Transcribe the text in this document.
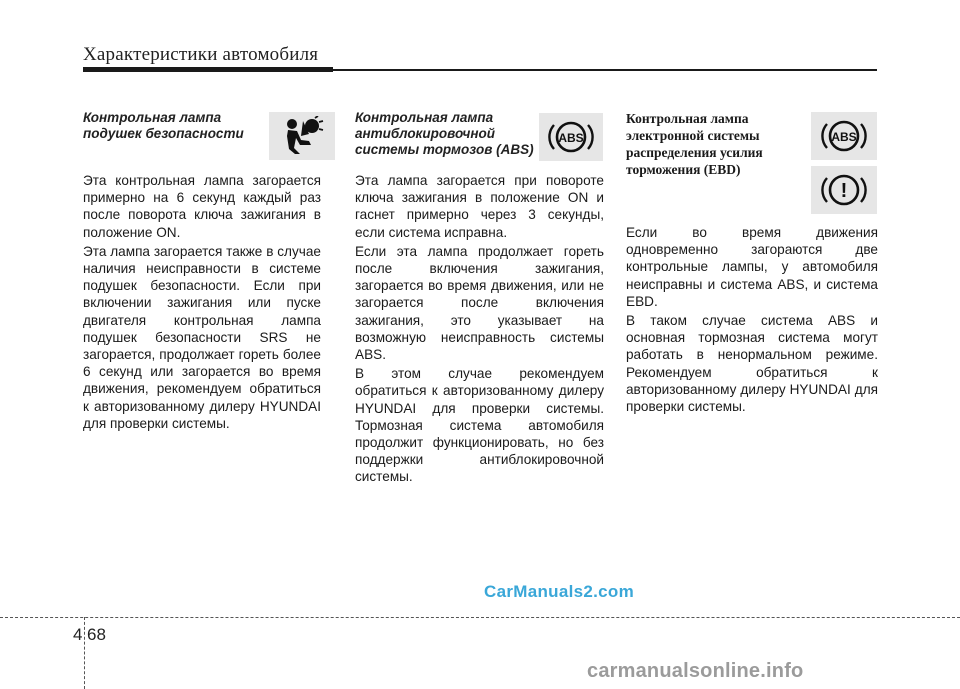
Характеристики автомобиля
Контрольная лампа
подушек безопасности

Эта контрольная лампа загорается примерно на 6 секунд каждый раз после поворота ключа зажигания в положение ON.

Эта лампа загорается также в случае наличия неисправности в системе подушек безопасности. Если при включении зажигания или пуске двигателя контрольная лампа подушек безопасности SRS не загорается, продолжает гореть более 6 секунд или загорается во время движения, рекомендуем обратиться к авторизованному дилеру HYUNDAI для проверки системы.

Контрольная лампа
антиблокировочной
системы тормозов (ABS)
ABS

Эта лампа загорается при повороте ключа зажигания в положение ON и гаснет примерно через 3 секунды, если система исправна.

Если эта лампа продолжает гореть после включения зажигания, загорается во время движения, или не загорается после включения зажигания, это указывает на возможную неисправность системы ABS.

В этом случае рекомендуем обратиться к авторизованному дилеру HYUNDAI для проверки системы. Тормозная система автомобиля продолжит функционировать, но без поддержки антиблокировочной системы.

Контрольная лампа
электронной системы
распределения усилия
торможения (EBD)
ABS
!

Если во время движения одновременно загораются две контрольные лампы, у автомобиля неисправны и система ABS, и система EBD.

В таком случае система ABS и основная тормозная система могут работать в ненормальном режиме. Рекомендуем обратиться к авторизованному дилеру HYUNDAI для проверки системы.

4 68
CarManuals2.com
carmanualsonline.info
